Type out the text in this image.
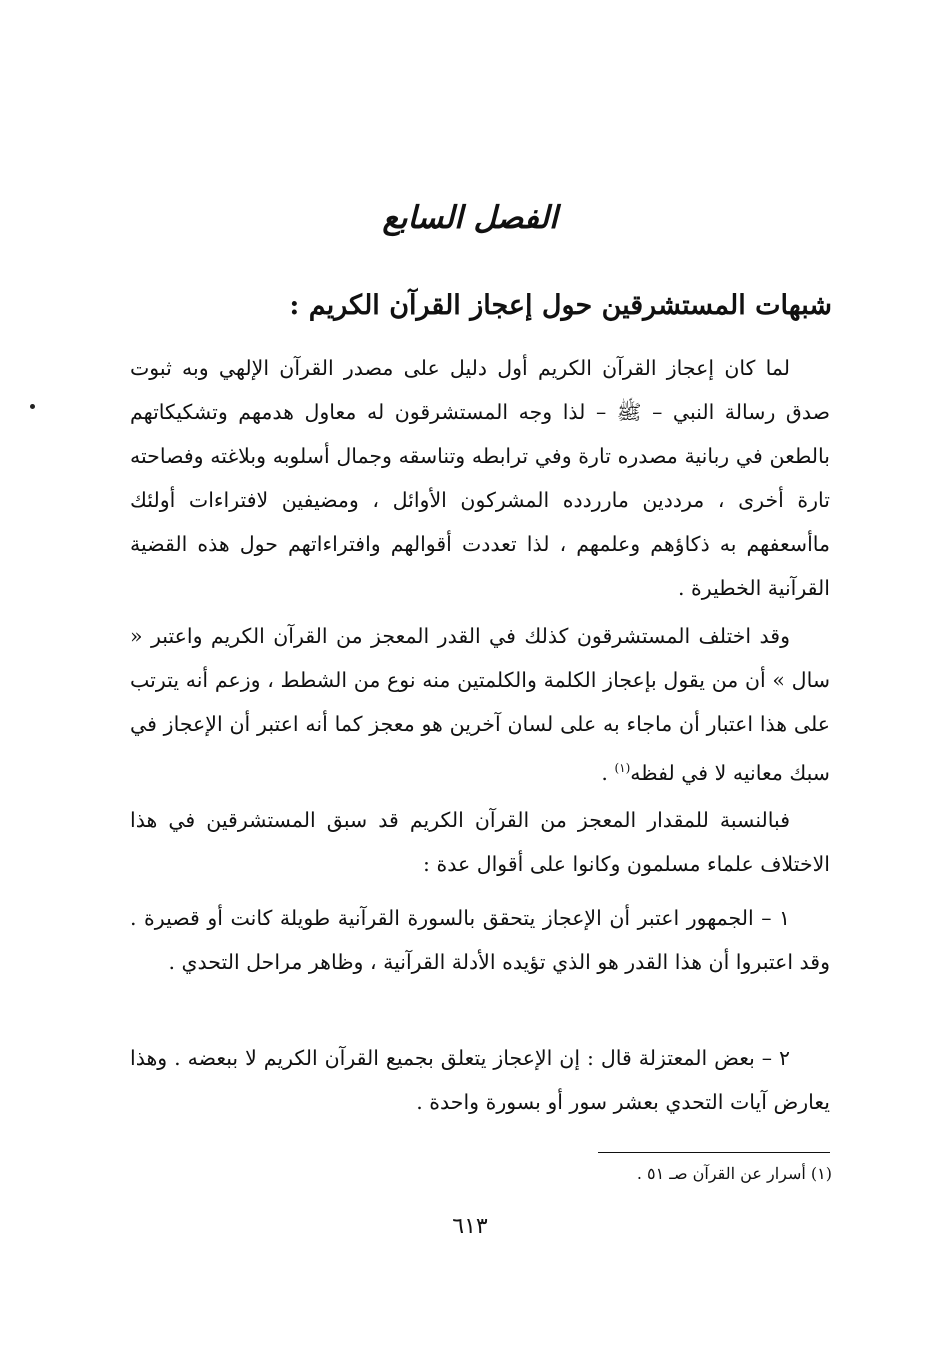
الفصل السابع
شبهات المستشرقين حول إعجاز القرآن الكريم :

لما كان إعجاز القرآن الكريم أول دليل على مصدر القرآن الإلهي وبه ثبوت صدق رسالة النبي – ﷺ – لذا وجه المستشرقون له معاول هدمهم وتشكيكاتهم بالطعن في ربانية مصدره تارة وفي ترابطه وتناسقه وجمال أسلوبه وبلاغته وفصاحته تارة أخرى ، مرددين مارردده المشركون الأوائل ، ومضيفين لافتراءات أولئك ماأسعفهم به ذكاؤهم وعلمهم ، لذا تعددت أقوالهم وافتراءاتهم حول هذه القضية القرآنية الخطيرة .

وقد اختلف المستشرقون كذلك في القدر المعجز من القرآن الكريم واعتبر « سال » أن من يقول بإعجاز الكلمة والكلمتين منه نوع من الشطط ، وزعم أنه يترتب على هذا اعتبار أن ماجاء به على لسان آخرين هو معجز كما أنه اعتبر أن الإعجاز في سبك معانيه لا في لفظه$^{(١)}$ .

فبالنسبة للمقدار المعجز من القرآن الكريم قد سبق المستشرقين في هذا الاختلاف علماء مسلمون وكانوا على أقوال عدة :

١ – الجمهور اعتبر أن الإعجاز يتحقق بالسورة القرآنية طويلة كانت أو قصيرة . وقد اعتبروا أن هذا القدر هو الذي تؤيده الأدلة القرآنية ، وظاهر مراحل التحدي .

٢ – بعض المعتزلة قال : إن الإعجاز يتعلق بجميع القرآن الكريم لا ببعضه . وهذا يعارض آيات التحدي بعشر سور أو بسورة واحدة .

(١) أسرار عن القرآن صـ ٥١ .

٦١٣
